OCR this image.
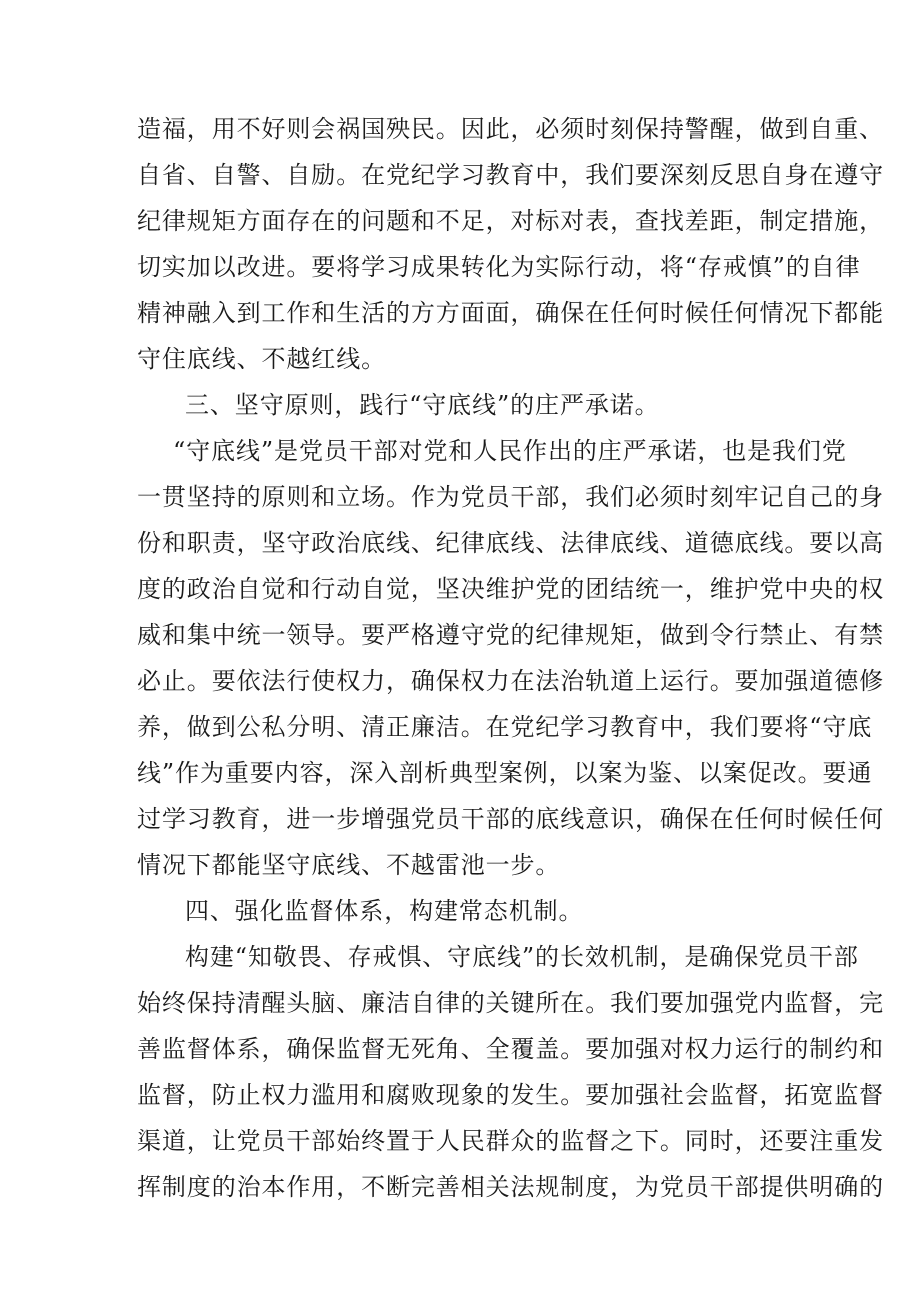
造福，用不好则会祸国殃民。因此，必须时刻保持警醒，做到自重、
自省、自警、自励。在党纪学习教育中，我们要深刻反思自身在遵守
纪律规矩方面存在的问题和不足，对标对表，查找差距，制定措施，
切实加以改进。要将学习成果转化为实际行动，将“存戒慎”的自律
精神融入到工作和生活的方方面面，确保在任何时候任何情况下都能
守住底线、不越红线。
三、坚守原则，践行“守底线”的庄严承诺。
“守底线”是党员干部对党和人民作出的庄严承诺，也是我们党
一贯坚持的原则和立场。作为党员干部，我们必须时刻牢记自己的身
份和职责，坚守政治底线、纪律底线、法律底线、道德底线。要以高
度的政治自觉和行动自觉，坚决维护党的团结统一，维护党中央的权
威和集中统一领导。要严格遵守党的纪律规矩，做到令行禁止、有禁
必止。要依法行使权力，确保权力在法治轨道上运行。要加强道德修
养，做到公私分明、清正廉洁。在党纪学习教育中，我们要将“守底
线”作为重要内容，深入剖析典型案例，以案为鉴、以案促改。要通
过学习教育，进一步增强党员干部的底线意识，确保在任何时候任何
情况下都能坚守底线、不越雷池一步。
四、强化监督体系，构建常态机制。
构建“知敬畏、存戒惧、守底线”的长效机制，是确保党员干部
始终保持清醒头脑、廉洁自律的关键所在。我们要加强党内监督，完
善监督体系，确保监督无死角、全覆盖。要加强对权力运行的制约和
监督，防止权力滥用和腐败现象的发生。要加强社会监督，拓宽监督
渠道，让党员干部始终置于人民群众的监督之下。同时，还要注重发
挥制度的治本作用，不断完善相关法规制度，为党员干部提供明确的
